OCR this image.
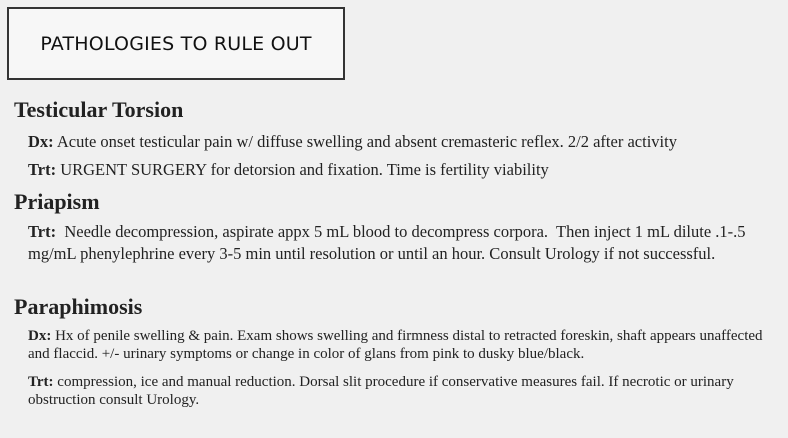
PATHOLOGIES TO RULE OUT
Testicular Torsion
Dx: Acute onset testicular pain w/ diffuse swelling and absent cremasteric reflex. 2/2 after activity
Trt: URGENT SURGERY for detorsion and fixation. Time is fertility viability
Priapism
Trt:  Needle decompression, aspirate appx 5 mL blood to decompress corpora.  Then inject 1 mL dilute .1-.5 mg/mL phenylephrine every 3-5 min until resolution or until an hour. Consult Urology if not successful.
Paraphimosis
Dx: Hx of penile swelling & pain. Exam shows swelling and firmness distal to retracted foreskin, shaft appears unaffected and flaccid. +/- urinary symptoms or change in color of glans from pink to dusky blue/black.
Trt: compression, ice and manual reduction. Dorsal slit procedure if conservative measures fail. If necrotic or urinary obstruction consult Urology.
